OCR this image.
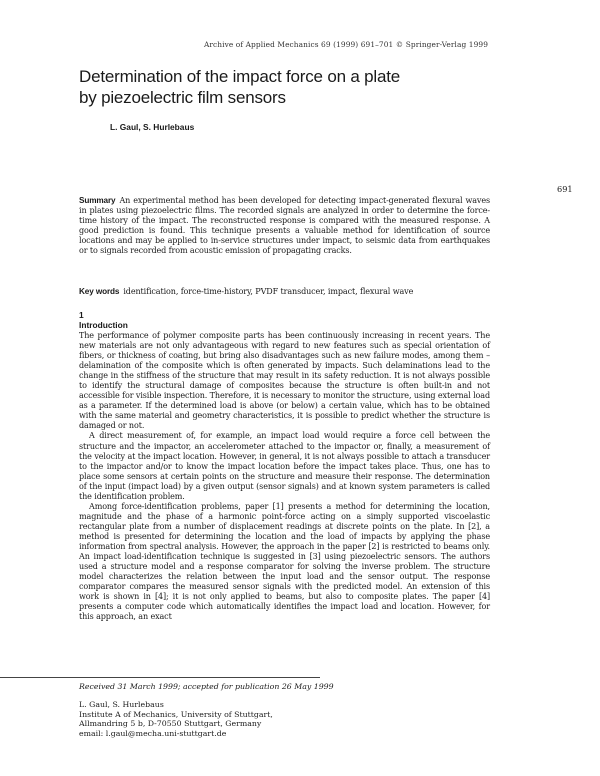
Archive of Applied Mechanics 69 (1999) 691–701 © Springer-Verlag 1999
Determination of the impact force on a plate
by piezoelectric film sensors

L. Gaul, S. Hurlebaus

691

Summary An experimental method has been developed for detecting impact-generated flexural waves in plates using piezoelectric films. The recorded signals are analyzed in order to determine the force-time history of the impact. The reconstructed response is compared with the measured response. A good prediction is found. This technique presents a valuable method for identification of source locations and may be applied to in-service structures under impact, to seismic data from earthquakes or to signals recorded from acoustic emission of propagating cracks.

Key words identification, force-time-history, PVDF transducer, impact, flexural wave

1

Introduction

The performance of polymer composite parts has been continuously increasing in recent years. The new materials are not only advantageous with regard to new features such as special orientation of fibers, or thickness of coating, but bring also disadvantages such as new failure modes, among them – delamination of the composite which is often generated by impacts. Such delaminations lead to the change in the stiffness of the structure that may result in its safety reduction. It is not always possible to identify the structural damage of composites because the structure is often built-in and not accessible for visible inspection. Therefore, it is necessary to monitor the structure, using external load as a parameter. If the determined load is above (or below) a certain value, which has to be obtained with the same material and geometry characteristics, it is possible to predict whether the structure is damaged or not.

A direct measurement of, for example, an impact load would require a force cell between the structure and the impactor, an accelerometer attached to the impactor or, finally, a measurement of the velocity at the impact location. However, in general, it is not always possible to attach a transducer to the impactor and/or to know the impact location before the impact takes place. Thus, one has to place some sensors at certain points on the structure and measure their response. The determination of the input (impact load) by a given output (sensor signals) and at known system parameters is called the identification problem.

Among force-identification problems, paper [1] presents a method for determining the location, magnitude and the phase of a harmonic point-force acting on a simply supported viscoelastic rectangular plate from a number of displacement readings at discrete points on the plate. In [2], a method is presented for determining the location and the load of impacts by applying the phase information from spectral analysis. However, the approach in the paper [2] is restricted to beams only. An impact load-identification technique is suggested in [3] using piezoelectric sensors. The authors used a structure model and a response comparator for solving the inverse problem. The structure model characterizes the relation between the input load and the sensor output. The response comparator compares the measured sensor signals with the predicted model. An extension of this work is shown in [4]; it is not only applied to beams, but also to composite plates. The paper [4] presents a computer code which automatically identifies the impact load and location. However, for this approach, an exact

Received 31 March 1999; accepted for publication 26 May 1999

L. Gaul, S. Hurlebaus
Institute A of Mechanics, University of Stuttgart,
Allmandring 5 b, D-70550 Stuttgart, Germany
email: l.gaul@mecha.uni-stuttgart.de
